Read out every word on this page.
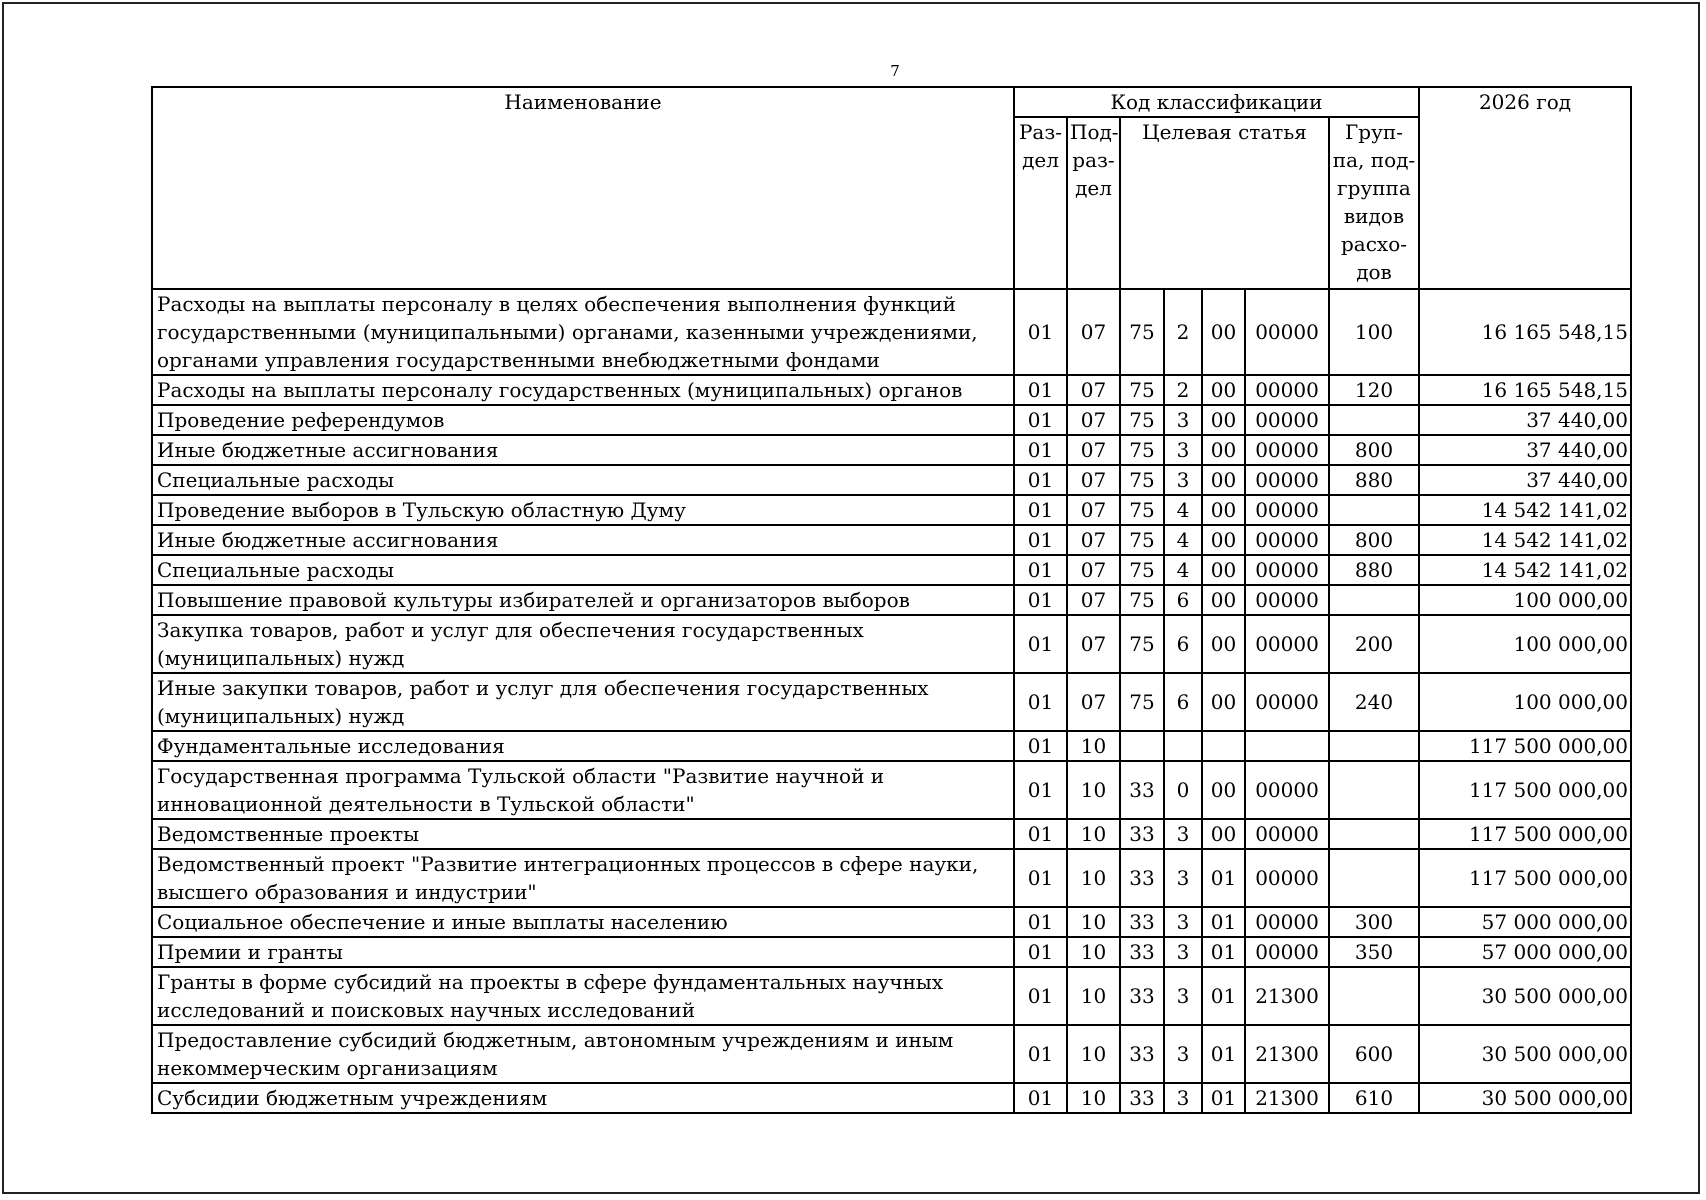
7
Наименование	Код классификации							2026 год
	Раз- дел	Под- раз- дел	Целевая статья				Груп- па, под- группа видов расхо- дов	
Расходы на выплаты персоналу в целях обеспечения выполнения функций государственными (муниципальными) органами, казенными учреждениями, органами управления государственными внебюджетными фондами	01	07	75	2	00	00000	100	16 165 548,15
Расходы на выплаты персоналу государственных (муниципальных) органов	01	07	75	2	00	00000	120	16 165 548,15
Проведение референдумов	01	07	75	3	00	00000		37 440,00
Иные бюджетные ассигнования	01	07	75	3	00	00000	800	37 440,00
Специальные расходы	01	07	75	3	00	00000	880	37 440,00
Проведение выборов в Тульскую областную Думу	01	07	75	4	00	00000		14 542 141,02
Иные бюджетные ассигнования	01	07	75	4	00	00000	800	14 542 141,02
Специальные расходы	01	07	75	4	00	00000	880	14 542 141,02
Повышение правовой культуры избирателей и организаторов выборов	01	07	75	6	00	00000		100 000,00
Закупка товаров, работ и услуг для обеспечения государственных (муниципальных) нужд	01	07	75	6	00	00000	200	100 000,00
Иные закупки товаров, работ и услуг для обеспечения государственных (муниципальных) нужд	01	07	75	6	00	00000	240	100 000,00
Фундаментальные исследования	01	10						117 500 000,00
Государственная программа Тульской области "Развитие научной и инновационной деятельности в Тульской области"	01	10	33	0	00	00000		117 500 000,00
Ведомственные проекты	01	10	33	3	00	00000		117 500 000,00
Ведомственный проект "Развитие интеграционных процессов в сфере науки, высшего образования и индустрии"	01	10	33	3	01	00000		117 500 000,00
Социальное обеспечение и иные выплаты населению	01	10	33	3	01	00000	300	57 000 000,00
Премии и гранты	01	10	33	3	01	00000	350	57 000 000,00
Гранты в форме субсидий на проекты в сфере фундаментальных научных исследований и поисковых научных исследований	01	10	33	3	01	21300		30 500 000,00
Предоставление субсидий бюджетным, автономным учреждениям и иным некоммерческим организациям	01	10	33	3	01	21300	600	30 500 000,00
Субсидии бюджетным учреждениям	01	10	33	3	01	21300	610	30 500 000,00
